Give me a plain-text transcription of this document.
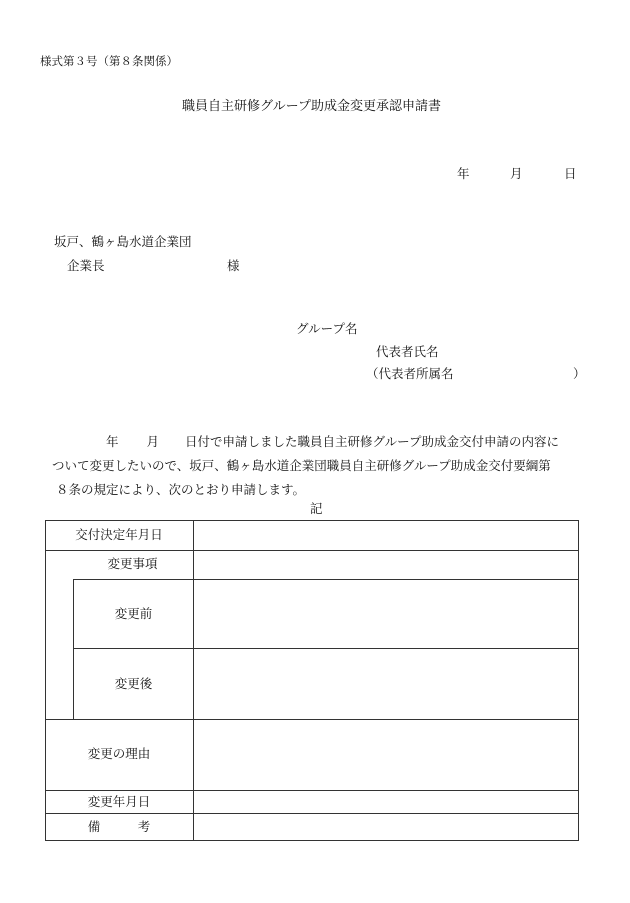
様式第３号（第８条関係）
職員自主研修グループ助成金変更承認申請書
年	月	日
坂戸、鶴ヶ島水道企業団
企業長	様
グループ名
代表者氏名
（代表者所属名	）
年 月 日付で申請しました職員自主研修グループ助成金交付申請の内容に
ついて変更したいので、坂戸、鶴ヶ島水道企業団職員自主研修グループ助成金交付要綱第
８条の規定により、次のとおり申請します。
記
交付決定年月日
変更事項
変更前
変更後
変更の理由
変更年月日
備　　　考
